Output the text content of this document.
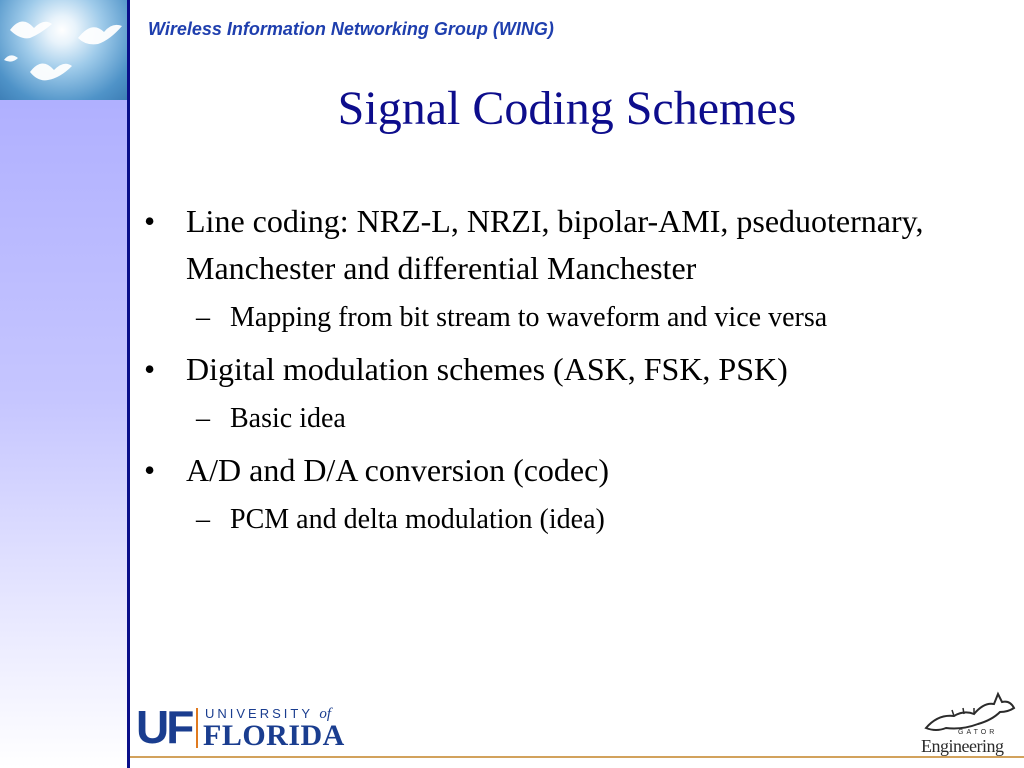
Wireless Information Networking Group (WING)
Signal Coding Schemes
• Line coding: NRZ-L, NRZI, bipolar-AMI, pseduoternary, Manchester and differential Manchester
– Mapping from bit stream to waveform and vice versa
• Digital modulation schemes (ASK, FSK, PSK)
– Basic idea
• A/D and D/A conversion (codec)
– PCM and delta modulation (idea)
UF UNIVERSITY of
FLORIDA	GATOR
Engineering
